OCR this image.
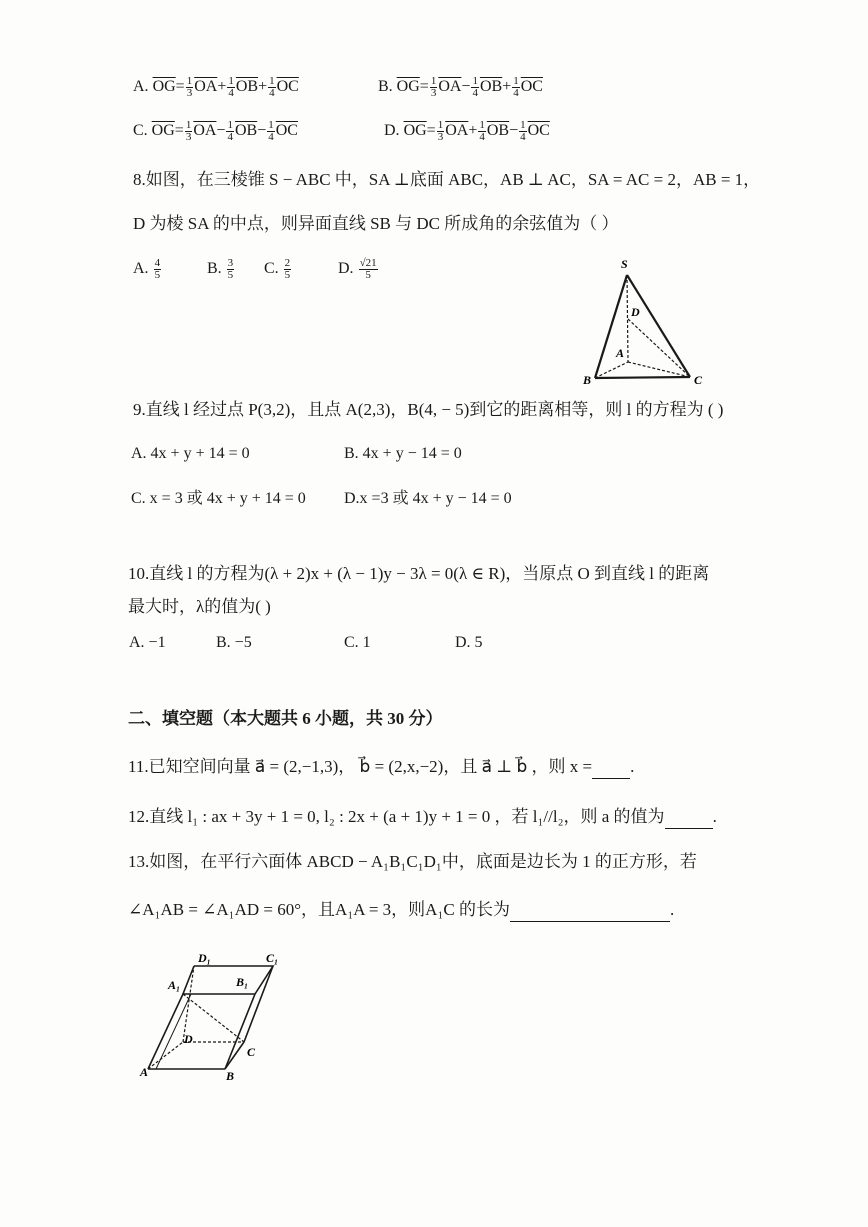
A. $\overline{OG}= \frac{1}{3} \overline{OA}+ \frac{1}{4} \overline{OB}+ \frac{1}{4} \overline{OC}$	B. $\overline{OG}= \frac{1}{3} \overline{OA}- \frac{1}{4} \overline{OB}+ \frac{1}{4} \overline{OC}$
C. $\overline{OG}= \frac{1}{3} \overline{OA}- \frac{1}{4} \overline{OB}- \frac{1}{4} \overline{OC}$	D. $\overline{OG}= \frac{1}{3} \overline{OA}+ \frac{1}{4} \overline{OB}- \frac{1}{4} \overline{OC}$
8.如图，在三棱锥 S − ABC 中，SA ⊥底面 ABC，AB ⊥ AC，SA = AC = 2，AB = 1，
D 为棱 SA 的中点，则异面直线 SB 与 DC 所成角的余弦值为（ ）
A. $\frac{4}{5}$	B. $\frac{3}{5} C$. $\frac{2}{5}$	D. $\frac{√21}{5}$	S
D
A
B	C
9.直线 l 经过点 P(3,2)，且点 A(2,3)，B(4, − 5)到它的距离相等，则 l 的方程为 ( )
A. 4x + y + 14 = 0	B. 4x + y − 14 = 0
C. x = 3 或 4x + y + 14 = 0 D.x =3 或 4x + y − 14 = 0
10.直线 l 的方程为(λ + 2)x + (λ − 1)y − 3λ = 0(λ ∈ R)，当原点 O 到直线 l 的距离
最大时，λ的值为( )
A. −1	B. −5	C. 1	D. 5
二、填空题（本大题共 6 小题，共 30 分）
11.已知空间向量 a⃗ = (2,−1,3)， b⃗ = (2,x,−2)，且 a⃗ ⊥ b⃗ ，则 x = .
12.直线 l₁ : ax + 3y + 1 = 0, l₂ : 2x + (a + 1)y + 1 = 0 ，若 l₁//l₂，则 a 的值为	.
13.如图，在平行六面体 ABCD − A₁B₁C₁D₁中，底面是边长为 1 的正方形，若
∠A₁AB = ∠A₁AD = 60°，且A₁A = 3，则A₁C 的长为	.
D₁	C₁
A₁	B₁
D
C
A	B
